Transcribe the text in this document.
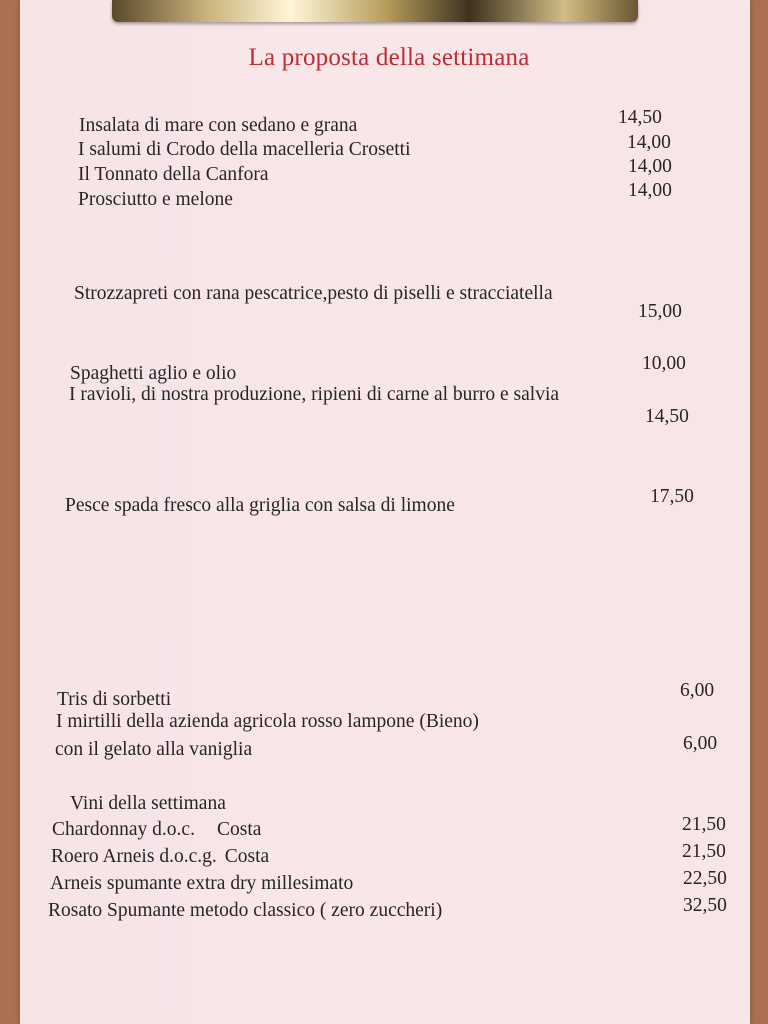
La proposta della settimana
Insalata di mare con sedano e grana	14,50
I salumi di Crodo della macelleria Crosetti	14,00
Il Tonnato della Canfora	14,00
Prosciutto e melone	14,00
Strozzapreti con rana pescatrice,pesto di piselli e stracciatella
15,00
Spaghetti aglio e olio	10,00
I ravioli, di nostra produzione, ripieni di carne al burro e salvia
14,50
Pesce spada fresco alla griglia con salsa di limone	17,50
Tris di sorbetti	6,00
I mirtilli della azienda agricola rosso lampone (Bieno)
con il gelato alla vaniglia	6,00
Vini della settimana
Chardonnay d.o.c. Costa	21,50
Roero Arneis d.o.c.g. Costa	21,50
Arneis spumante extra dry millesimato	22,50
Rosato Spumante metodo classico ( zero zuccheri)	32,50
